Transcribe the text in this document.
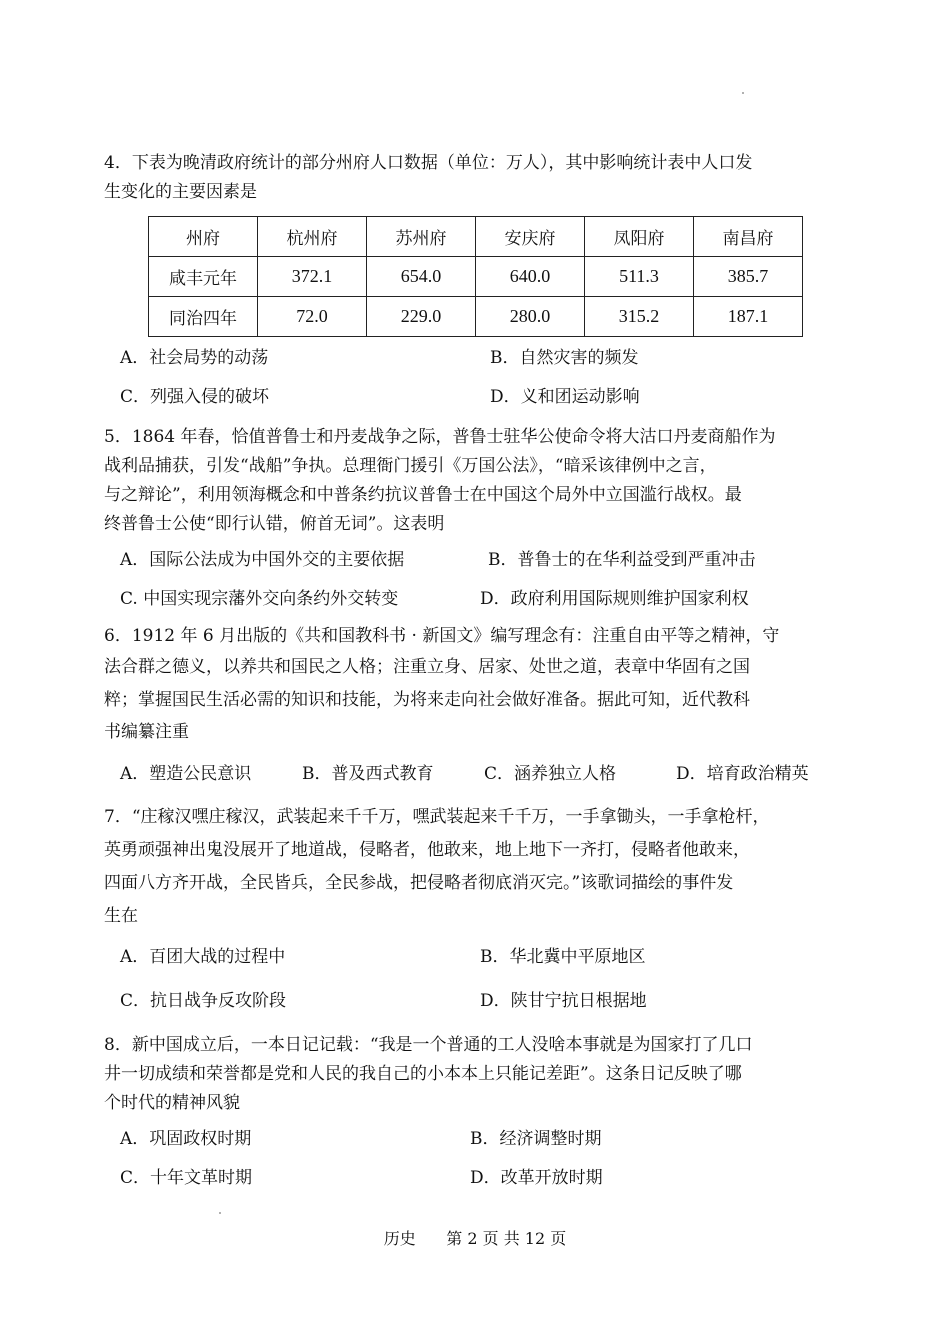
4．下表为晚清政府统计的部分州府人口数据（单位：万人），其中影响统计表中人口发
生变化的主要因素是
州府	杭州府	苏州府	安庆府	凤阳府	南昌府
咸丰元年	372.1	654.0	640.0	511.3	385.7
同治四年	72.0	229.0	280.0	315.2	187.1
A．社会局势的动荡	B．自然灾害的频发
C．列强入侵的破坏	D．义和团运动影响
5．1864 年春，恰值普鲁士和丹麦战争之际，普鲁士驻华公使命令将大沽口丹麦商船作为
战利品捕获，引发“战船”争执。总理衙门援引《万国公法》，“暗采该律例中之言，
与之辩论”，利用领海概念和中普条约抗议普鲁士在中国这个局外中立国滥行战权。最
终普鲁士公使“即行认错，俯首无词”。这表明
A．国际公法成为中国外交的主要依据	B．普鲁士的在华利益受到严重冲击
C. 中国实现宗藩外交向条约外交转变	D．政府利用国际规则维护国家利权
6．1912 年 6 月出版的《共和国教科书 · 新国文》编写理念有：注重自由平等之精神，守
法合群之德义，以养共和国民之人格；注重立身、居家、处世之道，表章中华固有之国
粹；掌握国民生活必需的知识和技能，为将来走向社会做好准备。据此可知，近代教科
书编纂注重
A．塑造公民意识	B．普及西式教育	C．涵养独立人格	D．培育政治精英
7．“庄稼汉嘿庄稼汉，武装起来千千万，嘿武装起来千千万，一手拿锄头，一手拿枪杆，
英勇顽强神出鬼没展开了地道战，侵略者，他敢来，地上地下一齐打，侵略者他敢来，
四面八方齐开战，全民皆兵，全民参战，把侵略者彻底消灭完。”该歌词描绘的事件发
生在
A．百团大战的过程中	B．华北冀中平原地区
C．抗日战争反攻阶段	D．陕甘宁抗日根据地
8．新中国成立后，一本日记记载：“我是一个普通的工人没啥本事就是为国家打了几口
井一切成绩和荣誉都是党和人民的我自己的小本本上只能记差距”。这条日记反映了哪
个时代的精神风貌
A．巩固政权时期	B．经济调整时期
C．十年文革时期	D．改革开放时期
历史      第 2 页 共 12 页
